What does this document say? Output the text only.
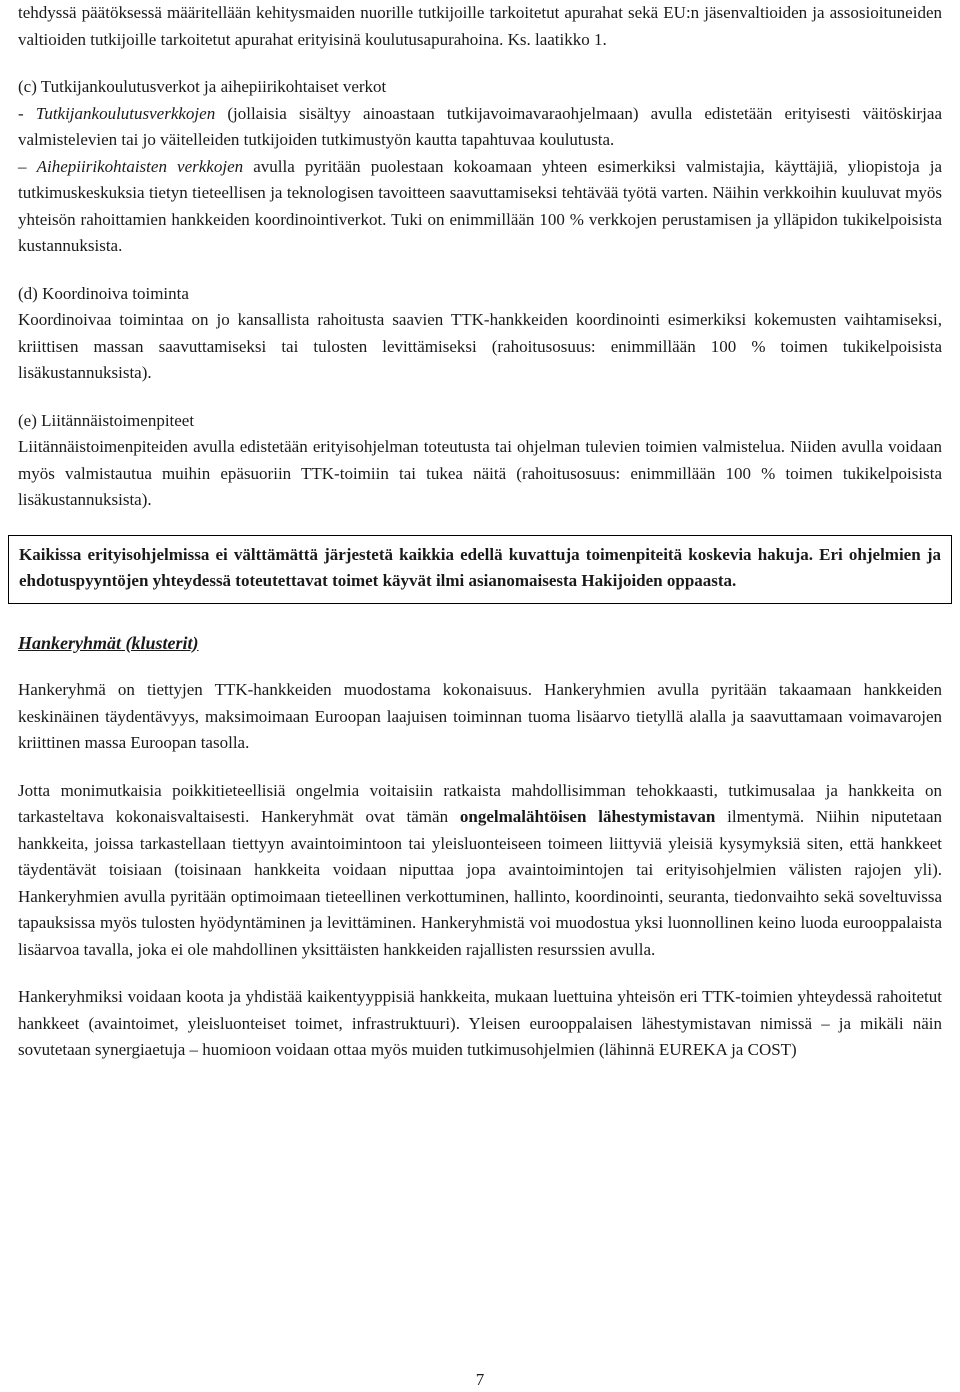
tehdyssä päätöksessä määritellään kehitysmaiden nuorille tutkijoille tarkoitetut apurahat sekä EU:n jäsenvaltioiden ja assosioituneiden valtioiden tutkijoille tarkoitetut apurahat erityisinä koulutusapurahoina. Ks. laatikko 1.

(c) Tutkijankoulutusverkot ja aihepiirikohtaiset verkot

- Tutkijankoulutusverkkojen (jollaisia sisältyy ainoastaan tutkijavoimavaraohjelmaan) avulla edistetään erityisesti väitöskirjaa valmistelevien tai jo väitelleiden tutkijoiden tutkimustyön kautta tapahtuvaa koulutusta.

– Aihepiirikohtaisten verkkojen avulla pyritään puolestaan kokoamaan yhteen esimerkiksi valmistajia, käyttäjiä, yliopistoja ja tutkimuskeskuksia tietyn tieteellisen ja teknologisen tavoitteen saavuttamiseksi tehtävää työtä varten. Näihin verkkoihin kuuluvat myös yhteisön rahoittamien hankkeiden koordinointiverkot. Tuki on enimmillään 100 % verkkojen perustamisen ja ylläpidon tukikelpoisista kustannuksista.

(d) Koordinoiva toiminta

Koordinoivaa toimintaa on jo kansallista rahoitusta saavien TTK-hankkeiden koordinointi esimerkiksi kokemusten vaihtamiseksi, kriittisen massan saavuttamiseksi tai tulosten levittämiseksi (rahoitusosuus: enimmillään 100 % toimen tukikelpoisista lisäkustannuksista).

(e) Liitännäistoimenpiteet

Liitännäistoimenpiteiden avulla edistetään erityisohjelman toteutusta tai ohjelman tulevien toimien valmistelua. Niiden avulla voidaan myös valmistautua muihin epäsuoriin TTK-toimiin tai tukea näitä (rahoitusosuus: enimmillään 100 % toimen tukikelpoisista lisäkustannuksista).

Kaikissa erityisohjelmissa ei välttämättä järjestetä kaikkia edellä kuvattuja toimenpiteitä koskevia hakuja. Eri ohjelmien ja ehdotuspyyntöjen yhteydessä toteutettavat toimet käyvät ilmi asianomaisesta Hakijoiden oppaasta.

Hankeryhmät (klusterit)

Hankeryhmä on tiettyjen TTK-hankkeiden muodostama kokonaisuus. Hankeryhmien avulla pyritään takaamaan hankkeiden keskinäinen täydentävyys, maksimoimaan Euroopan laajuisen toiminnan tuoma lisäarvo tietyllä alalla ja saavuttamaan voimavarojen kriittinen massa Euroopan tasolla.

Jotta monimutkaisia poikkitieteellisiä ongelmia voitaisiin ratkaista mahdollisimman tehokkaasti, tutkimusalaa ja hankkeita on tarkasteltava kokonaisvaltaisesti. Hankeryhmät ovat tämän ongelmalähtöisen lähestymistavan ilmentymä. Niihin niputetaan hankkeita, joissa tarkastellaan tiettyyn avaintoimintoon tai yleisluonteiseen toimeen liittyviä yleisiä kysymyksiä siten, että hankkeet täydentävät toisiaan (toisinaan hankkeita voidaan niputtaa jopa avaintoimintojen tai erityisohjelmien välisten rajojen yli). Hankeryhmien avulla pyritään optimoimaan tieteellinen verkottuminen, hallinto, koordinointi, seuranta, tiedonvaihto sekä soveltuvissa tapauksissa myös tulosten hyödyntäminen ja levittäminen. Hankeryhmistä voi muodostua yksi luonnollinen keino luoda eurooppalaista lisäarvoa tavalla, joka ei ole mahdollinen yksittäisten hankkeiden rajallisten resurssien avulla.

Hankeryhmiksi voidaan koota ja yhdistää kaikentyyppisiä hankkeita, mukaan luettuina yhteisön eri TTK-toimien yhteydessä rahoitetut hankkeet (avaintoimet, yleisluonteiset toimet, infrastruktuuri). Yleisen eurooppalaisen lähestymistavan nimissä – ja mikäli näin sovutetaan synergiaetuja – huomioon voidaan ottaa myös muiden tutkimusohjelmien (lähinnä EUREKA ja COST)

7
